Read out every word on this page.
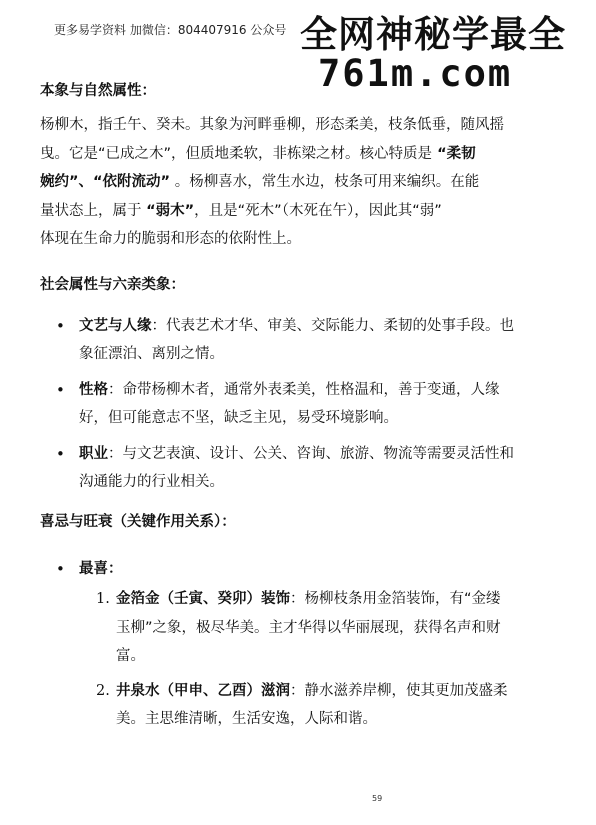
更多易学资料 加微信：804407916 公众号 全网神秘学最全
761m.com
本象与自然属性：

杨柳木，指壬午、癸未。其象为河畔垂柳，形态柔美，枝条低垂，随风摇

曳。它是“已成之木”，但质地柔软，非栋梁之材。核心特质是 “柔韧

婉约”、“依附流动” 。杨柳喜水，常生水边，枝条可用来编织。在能

量状态上，属于 “弱木”，且是“死木”（木死在午），因此其“弱”

体现在生命力的脆弱和形态的依附性上。

社会属性与六亲类象：
• 文艺与人缘：代表艺术才华、审美、交际能力、柔韧的处事手段。也
象征漂泊、离别之情。
• 性格：命带杨柳木者，通常外表柔美，性格温和，善于变通，人缘
好，但可能意志不坚，缺乏主见，易受环境影响。
• 职业：与文艺表演、设计、公关、咨询、旅游、物流等需要灵活性和
沟通能力的行业相关。
喜忌与旺衰（关键作用关系）：
• 最喜：
1. 金箔金（壬寅、癸卯）装饰：杨柳枝条用金箔装饰，有“金缕
玉柳”之象，极尽华美。主才华得以华丽展现，获得名声和财
富。
2. 井泉水（甲申、乙酉）滋润：静水滋养岸柳，使其更加茂盛柔
美。主思维清晰，生活安逸，人际和谐。
59
